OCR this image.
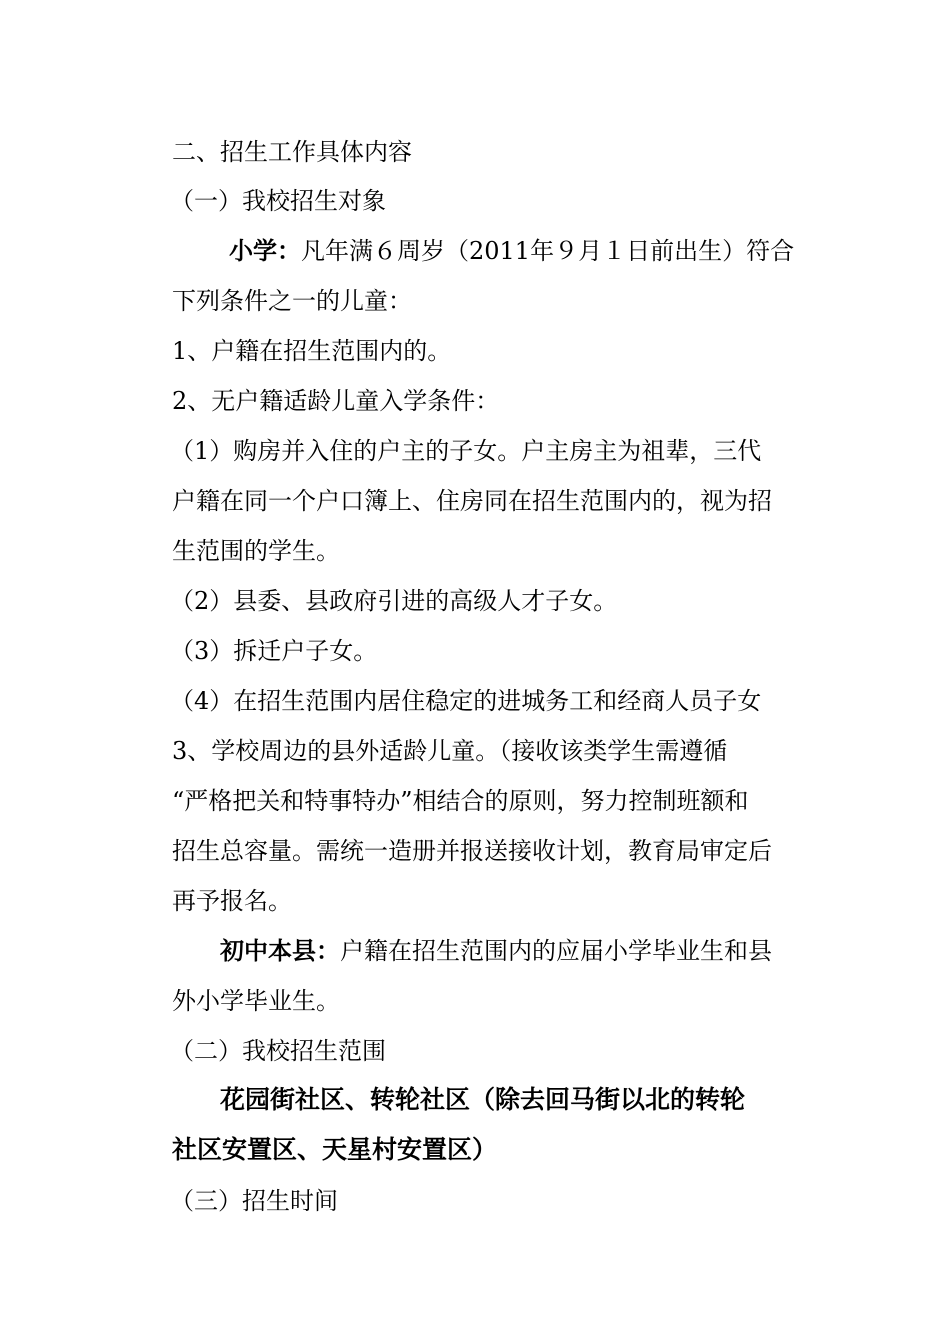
二、招生工作具体内容
（一）我校招生对象
小学：凡年满６周岁（2011年９月１日前出生）符合
下列条件之一的儿童：
1、户籍在招生范围内的。
2、无户籍适龄儿童入学条件：
（1）购房并入住的户主的子女。户主房主为祖辈，三代
户籍在同一个户口簿上、住房同在招生范围内的，视为招
生范围的学生。
（2）县委、县政府引进的高级人才子女。
（3）拆迁户子女。
（4）在招生范围内居住稳定的进城务工和经商人员子女
3、学校周边的县外适龄儿童。（接收该类学生需遵循
“严格把关和特事特办”相结合的原则，努力控制班额和
招生总容量。需统一造册并报送接收计划，教育局审定后
再予报名。
初中本县：户籍在招生范围内的应届小学毕业生和县
外小学毕业生。
（二）我校招生范围
花园街社区、转轮社区（除去回马街以北的转轮
社区安置区、天星村安置区）
（三）招生时间
